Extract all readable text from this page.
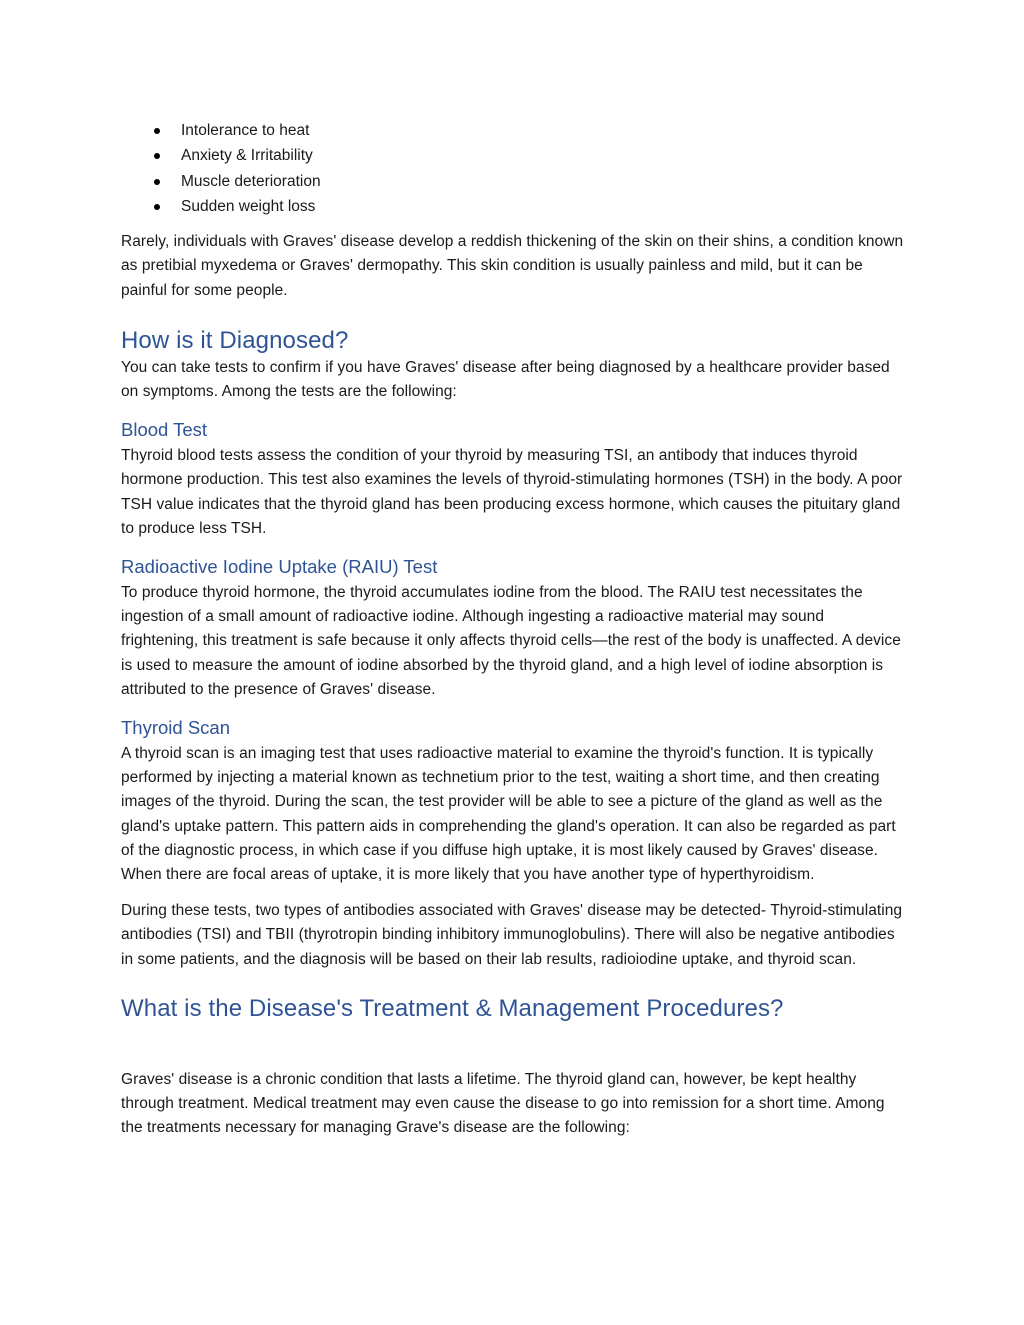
Intolerance to heat
Anxiety & Irritability
Muscle deterioration
Sudden weight loss

Rarely, individuals with Graves' disease develop a reddish thickening of the skin on their shins, a condition known as pretibial myxedema or Graves' dermopathy. This skin condition is usually painless and mild, but it can be painful for some people.

How is it Diagnosed?

You can take tests to confirm if you have Graves' disease after being diagnosed by a healthcare provider based on symptoms. Among the tests are the following:

Blood Test

Thyroid blood tests assess the condition of your thyroid by measuring TSI, an antibody that induces thyroid hormone production. This test also examines the levels of thyroid-stimulating hormones (TSH) in the body. A poor TSH value indicates that the thyroid gland has been producing excess hormone, which causes the pituitary gland to produce less TSH.

Radioactive Iodine Uptake (RAIU) Test

To produce thyroid hormone, the thyroid accumulates iodine from the blood. The RAIU test necessitates the ingestion of a small amount of radioactive iodine. Although ingesting a radioactive material may sound frightening, this treatment is safe because it only affects thyroid cells—the rest of the body is unaffected. A device is used to measure the amount of iodine absorbed by the thyroid gland, and a high level of iodine absorption is attributed to the presence of Graves' disease.

Thyroid Scan

A thyroid scan is an imaging test that uses radioactive material to examine the thyroid's function. It is typically performed by injecting a material known as technetium prior to the test, waiting a short time, and then creating images of the thyroid. During the scan, the test provider will be able to see a picture of the gland as well as the gland's uptake pattern. This pattern aids in comprehending the gland's operation. It can also be regarded as part of the diagnostic process, in which case if you diffuse high uptake, it is most likely caused by Graves' disease. When there are focal areas of uptake, it is more likely that you have another type of hyperthyroidism.

During these tests, two types of antibodies associated with Graves' disease may be detected- Thyroid-stimulating antibodies (TSI) and TBII (thyrotropin binding inhibitory immunoglobulins). There will also be negative antibodies in some patients, and the diagnosis will be based on their lab results, radioiodine uptake, and thyroid scan.

What is the Disease's Treatment & Management Procedures?

Graves' disease is a chronic condition that lasts a lifetime. The thyroid gland can, however, be kept healthy through treatment. Medical treatment may even cause the disease to go into remission for a short time. Among the treatments necessary for managing Grave's disease are the following:
